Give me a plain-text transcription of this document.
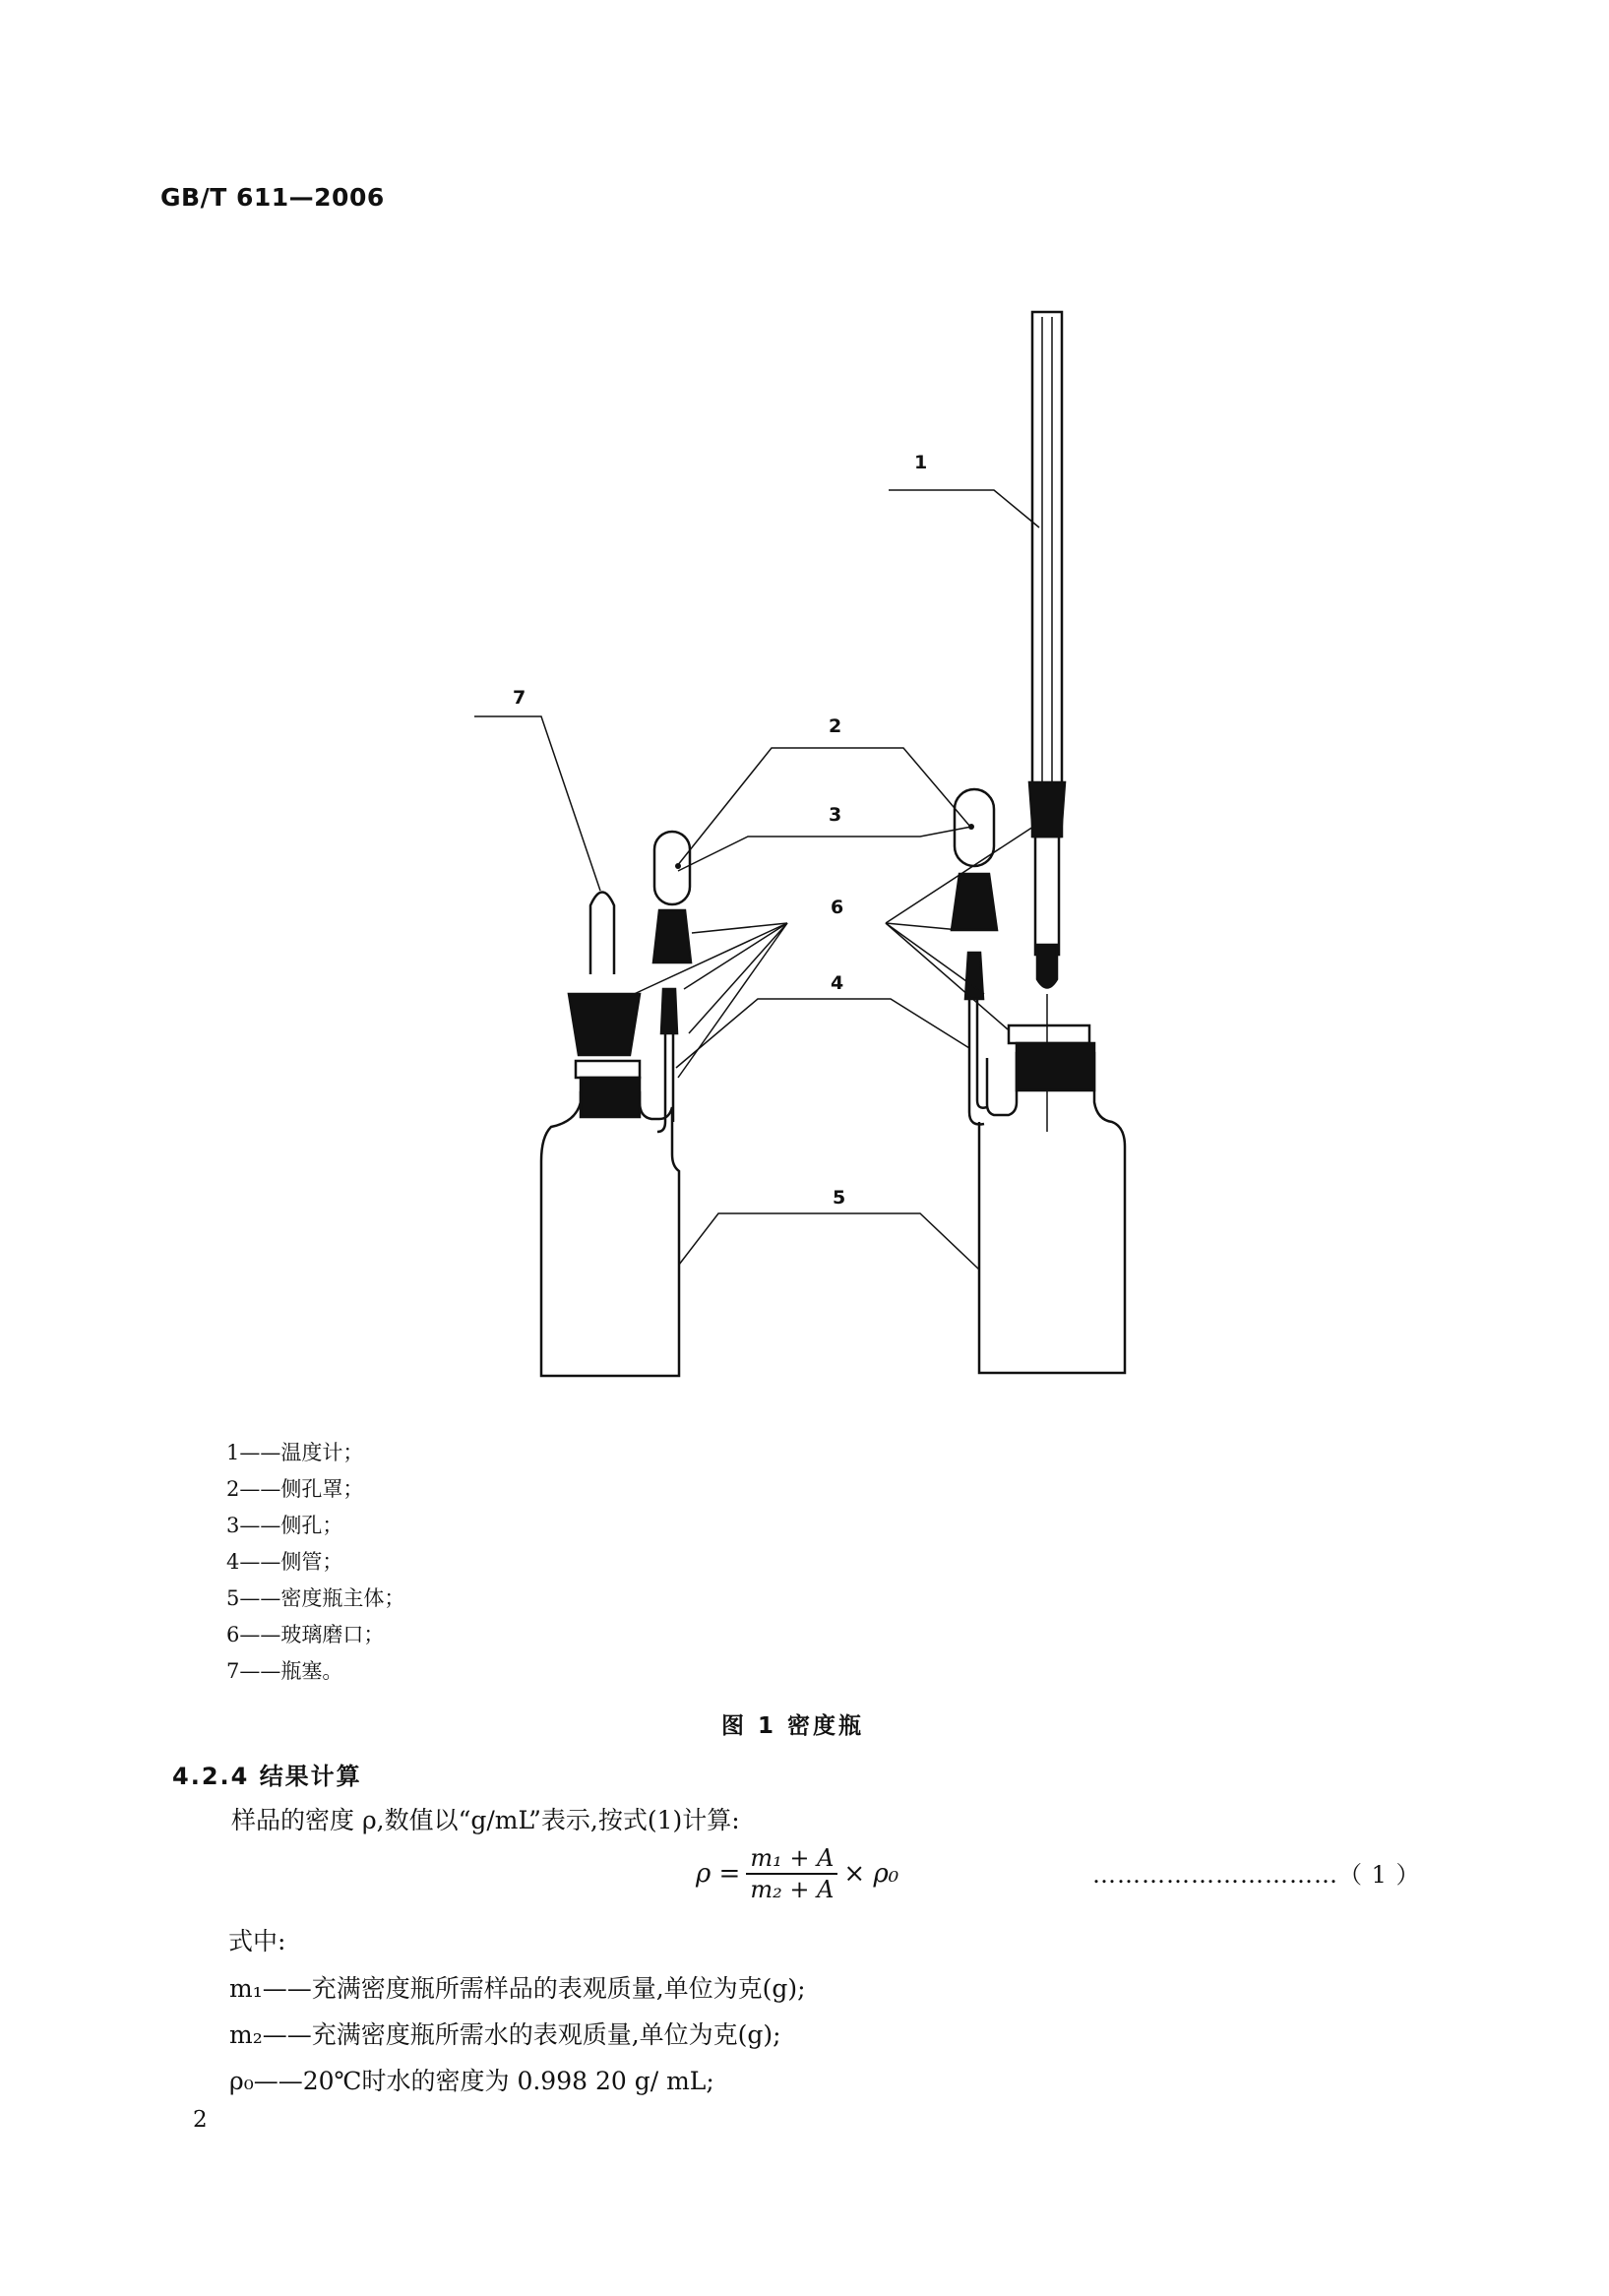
GB/T 611—2006
1
2
3
6
4
5
7
1——温度计；
2——侧孔罩；
3——侧孔；
4——侧管；
5——密度瓶主体；
6——玻璃磨口；
7——瓶塞。
图 1 密度瓶
4.2.4 结果计算
样品的密度 ρ,数值以“g/mL”表示,按式(1)计算:
$\rho = \frac{\text{m₁ + A}}{\text{m₂ + A}} \times \rho_0$	…………………………（ 1 ）
式中:
m₁——充满密度瓶所需样品的表观质量,单位为克(g);
m₂——充满密度瓶所需水的表观质量,单位为克(g);
ρ₀——20℃时水的密度为 0.998 20 g/ mL;
2
